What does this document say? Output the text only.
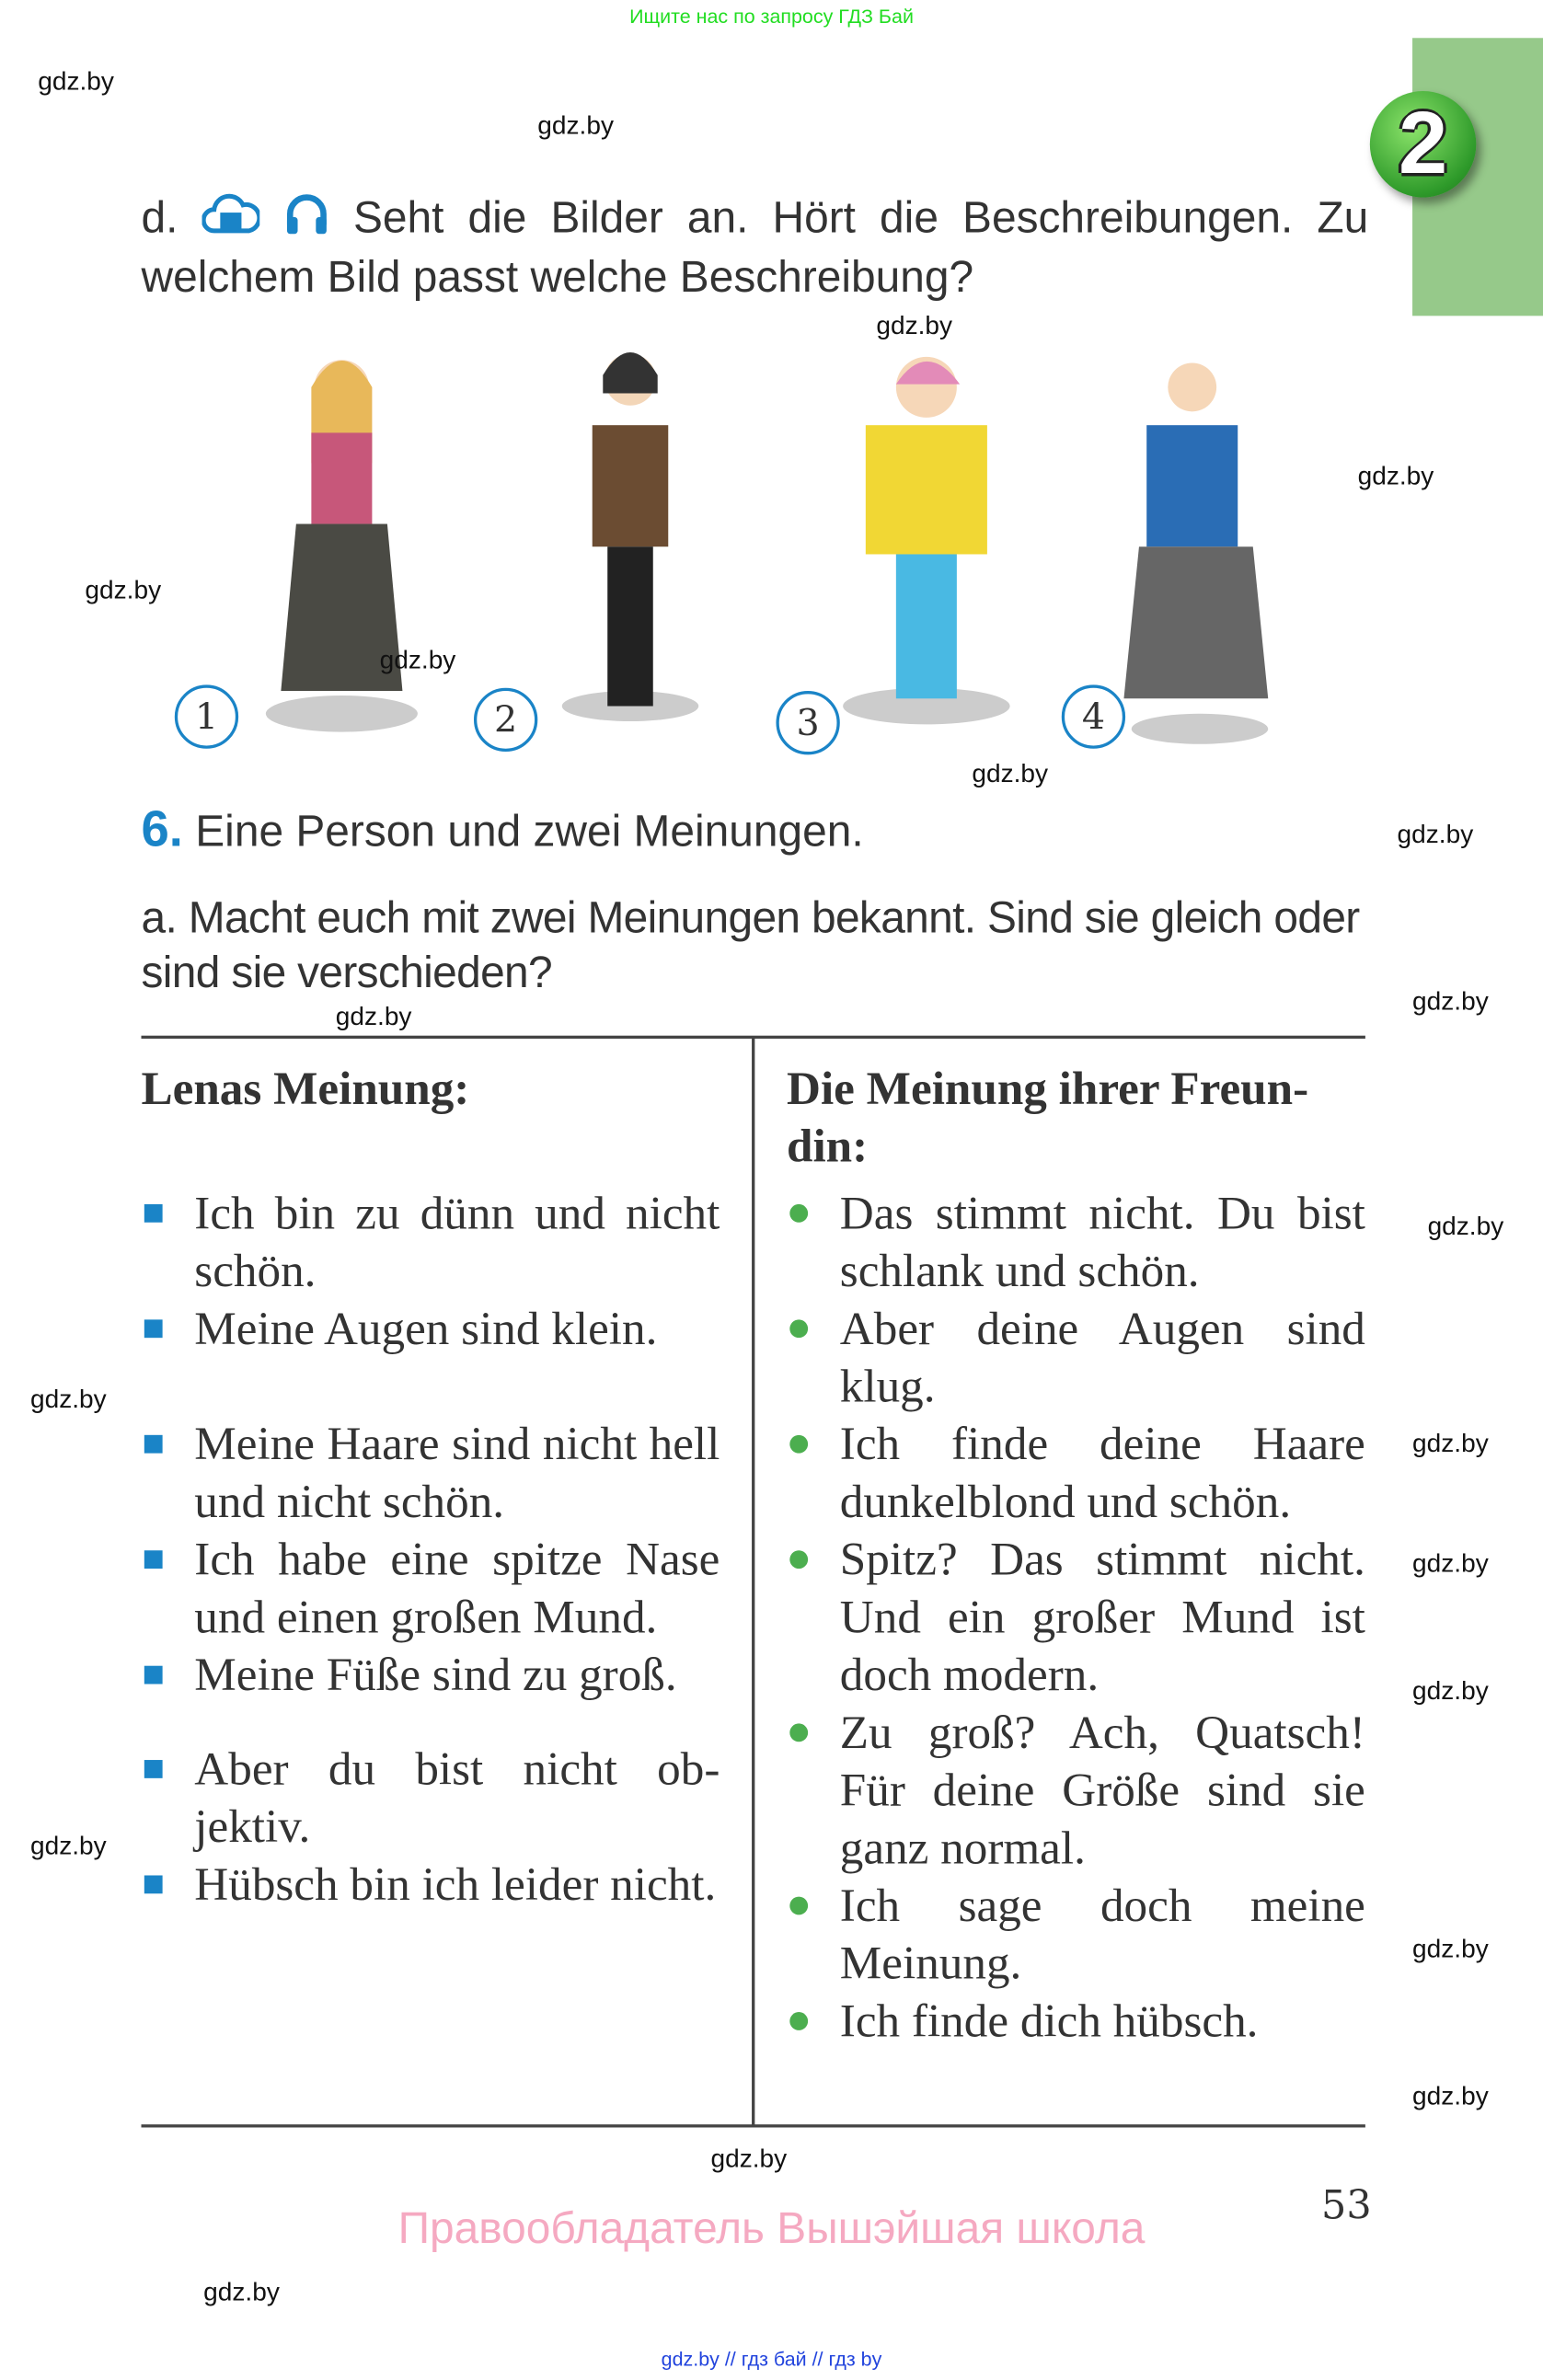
Ищите нас по запросу ГДЗ Бай
2
d.	Seht die Bilder an. Hört die Beschreibungen. Zu welchem Bild passt welche Beschreibung?
1	2	3	4
6. Eine Person und zwei Meinungen.
a. Macht euch mit zwei Meinungen bekannt. Sind sie gleich oder sind sie verschieden?
Lenas Meinung:
Ich bin zu dünn und nicht schön.
Meine Augen sind klein.
Meine Haare sind nicht hell und nicht schön.
Ich habe eine spitze Nase und einen großen Mund.
Meine Füße sind zu groß.
Aber du bist nicht ob-jektiv.
Hübsch bin ich leider nicht.
Die Meinung ihrer Freun-din:
Das stimmt nicht. Du bist schlank und schön.
Aber deine Augen sind klug.
Ich finde deine Haare dunkelblond und schön.
Spitz? Das stimmt nicht. Und ein großer Mund ist doch modern.
Zu groß? Ach, Quatsch! Für deine Größe sind sie ganz normal.
Ich sage doch meine Meinung.
Ich finde dich hübsch.
53
Правообладатель Вышэйшая школа
gdz.by // гдз бай // гдз by
gdz.by
gdz.by
gdz.by
gdz.by
gdz.by
gdz.by
gdz.by
gdz.by
gdz.by
gdz.by
gdz.by
gdz.by
gdz.by
gdz.by
gdz.by
gdz.by
gdz.by
gdz.by
gdz.by
gdz.by
